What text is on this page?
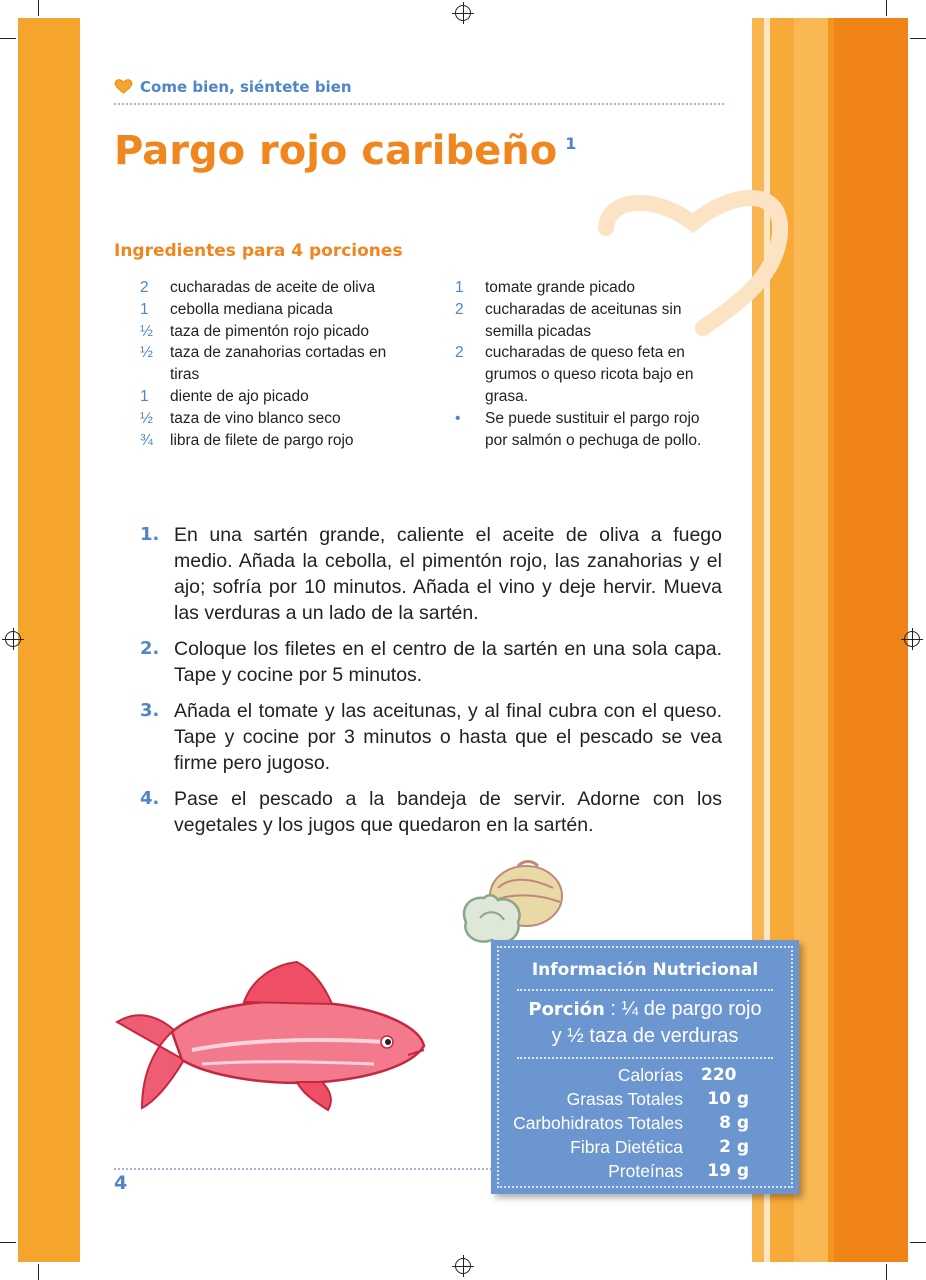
Come bien, siéntete bien
Pargo rojo caribeño $^1$
Ingredientes para 4 porciones
2	cucharadas de aceite de oliva
1	cebolla mediana picada
½	taza de pimentón rojo picado
½	taza de zanahorias cortadas en tiras
1	diente de ajo picado
½	taza de vino blanco seco
¾	libra de filete de pargo rojo
1	tomate grande picado
2	cucharadas de aceitunas sin semilla picadas
2	cucharadas de queso feta en grumos o queso ricota bajo en grasa.
•	Se puede sustituir el pargo rojo por salmón o pechuga de pollo.
1. En una sartén grande, caliente el aceite de oliva a fuego medio. Añada la cebolla, el pimentón rojo, las zanahorias y el ajo; sofría por 10 minutos. Añada el vino y deje hervir. Mueva las verduras a un lado de la sartén.
2. Coloque los filetes en el centro de la sartén en una sola capa. Tape y cocine por 5 minutos.
3. Añada el tomate y las aceitunas, y al final cubra con el queso. Tape y cocine por 3 minutos o hasta que el pescado se vea firme pero jugoso.
4. Pase el pescado a la bandeja de servir. Adorne con los vegetales y los jugos que quedaron en la sartén.
4
Información Nutricional
Porción : ¼ de pargo rojo
y ½ taza de verduras
Calorías	220
Grasas Totales	10 g
Carbohidratos Totales	8 g
Fibra Dietética	2 g
Proteínas	19 g
